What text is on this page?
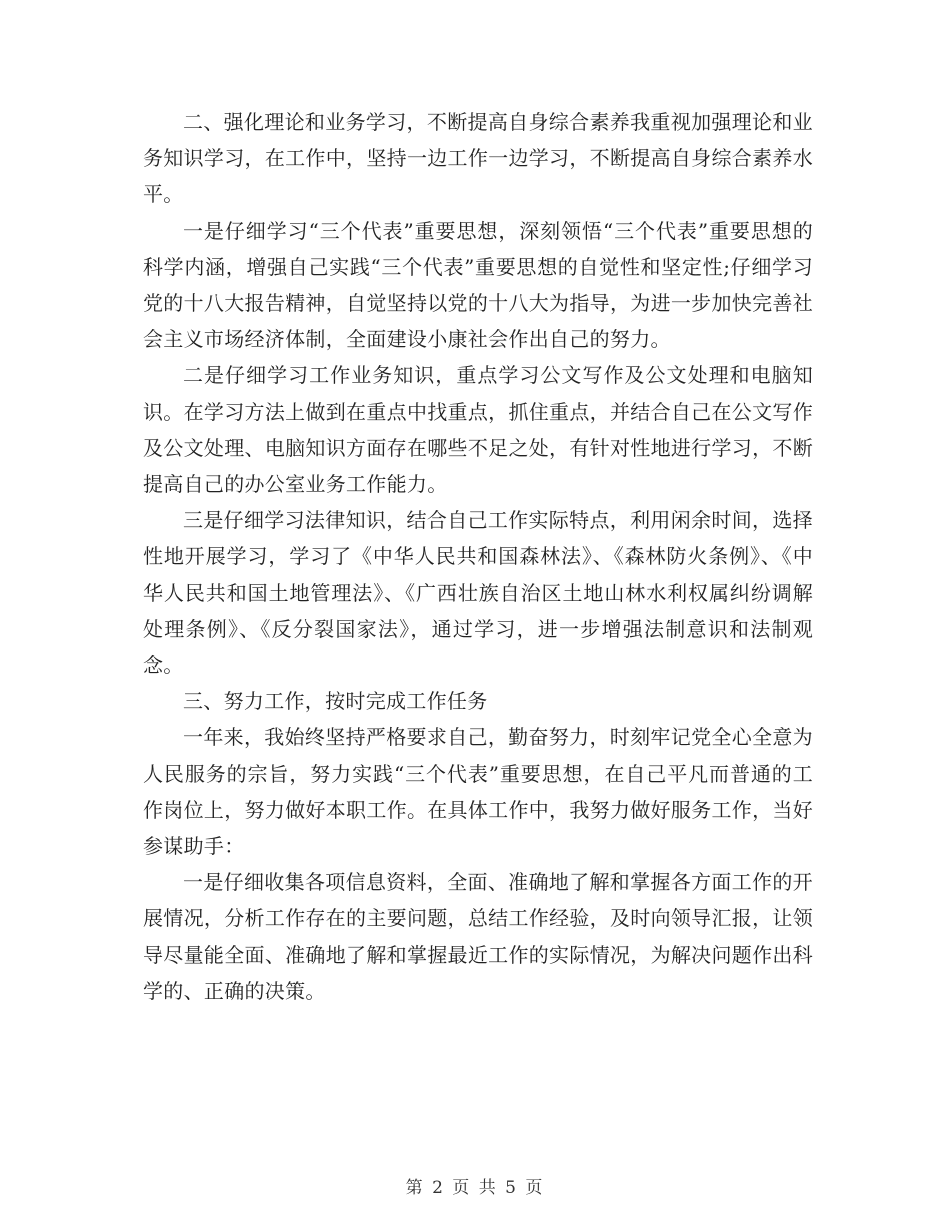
二、强化理论和业务学习，不断提高自身综合素养我重视加强理论和业务知识学习，在工作中，坚持一边工作一边学习，不断提高自身综合素养水平。

一是仔细学习“三个代表”重要思想，深刻领悟“三个代表”重要思想的科学内涵，增强自己实践“三个代表”重要思想的自觉性和坚定性;仔细学习党的十八大报告精神，自觉坚持以党的十八大为指导，为进一步加快完善社会主义市场经济体制，全面建设小康社会作出自己的努力。

二是仔细学习工作业务知识，重点学习公文写作及公文处理和电脑知识。在学习方法上做到在重点中找重点，抓住重点，并结合自己在公文写作及公文处理、电脑知识方面存在哪些不足之处，有针对性地进行学习，不断提高自己的办公室业务工作能力。

三是仔细学习法律知识，结合自己工作实际特点，利用闲余时间，选择性地开展学习，学习了《中华人民共和国森林法》、《森林防火条例》、《中华人民共和国土地管理法》、《广西壮族自治区土地山林水利权属纠纷调解处理条例》、《反分裂国家法》，通过学习，进一步增强法制意识和法制观念。

三、努力工作，按时完成工作任务

一年来，我始终坚持严格要求自己，勤奋努力，时刻牢记党全心全意为人民服务的宗旨，努力实践“三个代表”重要思想，在自己平凡而普通的工作岗位上，努力做好本职工作。在具体工作中，我努力做好服务工作，当好参谋助手：

一是仔细收集各项信息资料，全面、准确地了解和掌握各方面工作的开展情况，分析工作存在的主要问题，总结工作经验，及时向领导汇报，让领导尽量能全面、准确地了解和掌握最近工作的实际情况，为解决问题作出科学的、正确的决策。

第 2 页 共 5 页
